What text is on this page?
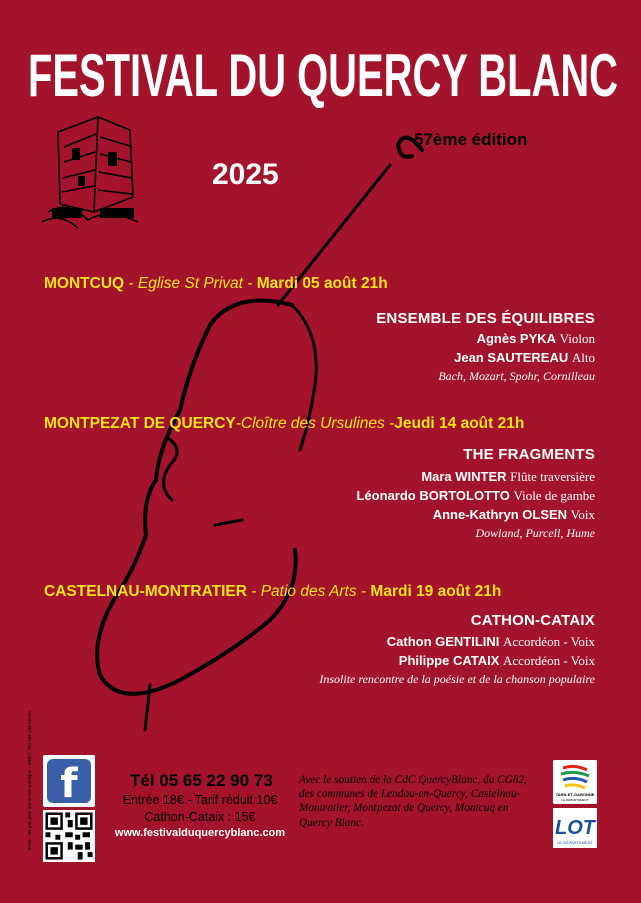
FESTIVAL DU QUERCY BLANC
2025
57ème édition
MONTCUQ - Eglise St Privat - Mardi 05 août 21h
ENSEMBLE DES ÉQUILIBRES
Agnès PYKA Violon
Jean SAUTEREAU Alto
Bach, Mozart, Spohr, Cornilleau
MONTPEZAT DE QUERCY-Cloître des Ursulines -Jeudi 14 août 21h
THE FRAGMENTS
Mara WINTER Flûte traversière
Léonardo BORTOLOTTO Viole de gambe
Anne-Kathryn OLSEN Voix
Dowland, Purcell, Hume
CASTELNAU-MONTRATIER - Patio des Arts - Mardi 19 août 21h
CATHON-CATAIX
Cathon GENTILINI Accordéon - Voix
Philippe CATAIX Accordéon - Voix
Insolite rencontre de la poésie et de la chanson populaire
f	Tél 05 65 22 90 73
Entrée 18€ - Tarif réduit 10€
Cathon-Cataix : 15€
www.festivalduquercyblanc.com
Avec le soutien de la CdC QuercyBlanc, du CG82, des communes de Lendou-en-Quercy, Castelnau-Montratier, Montpezat de Quercy, Montcuq en Quercy Blanc.
TARN-ET-GARONNE
LE DÉPARTEMENT
LOT
LE DÉPARTEMENT
IPNS - Ne pas jeter sur la voie publique - SIRET 753 384 236 00010
